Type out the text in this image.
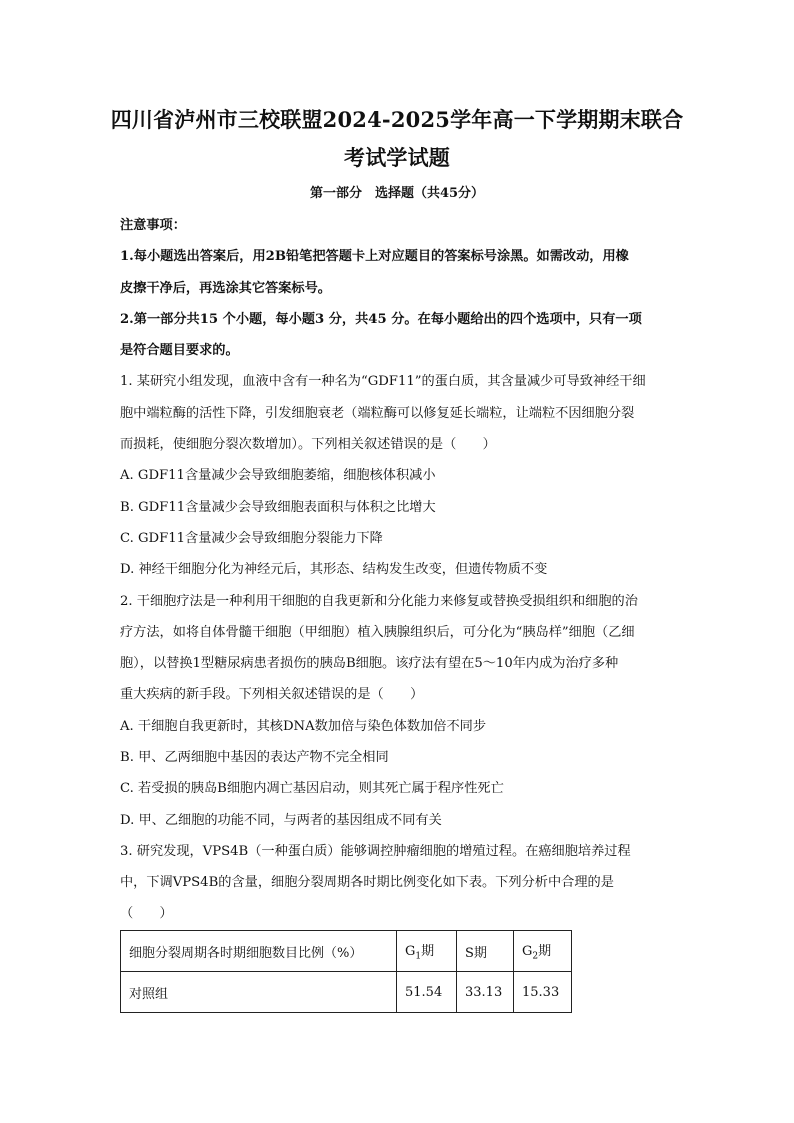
四川省泸州市三校联盟2024-2025学年高一下学期期末联合
考试学试题
第一部分　选择题（共45分）
注意事项：
1.每小题选出答案后，用2B铅笔把答题卡上对应题目的答案标号涂黑。如需改动，用橡
皮擦干净后，再选涂其它答案标号。
2.第一部分共15 个小题，每小题3 分，共45 分。在每小题给出的四个选项中，只有一项
是符合题目要求的。
1. 某研究小组发现，血液中含有一种名为“GDF11”的蛋白质，其含量减少可导致神经干细
胞中端粒酶的活性下降，引发细胞衰老（端粒酶可以修复延长端粒，让端粒不因细胞分裂
而损耗，使细胞分裂次数增加）。下列相关叙述错误的是（　　）
A. GDF11含量减少会导致细胞萎缩，细胞核体积减小
B. GDF11含量减少会导致细胞表面积与体积之比增大
C. GDF11含量减少会导致细胞分裂能力下降
D. 神经干细胞分化为神经元后，其形态、结构发生改变，但遗传物质不变
2. 干细胞疗法是一种利用干细胞的自我更新和分化能力来修复或替换受损组织和细胞的治
疗方法，如将自体骨髓干细胞（甲细胞）植入胰腺组织后，可分化为“胰岛样”细胞（乙细
胞），以替换1型糖尿病患者损伤的胰岛B细胞。该疗法有望在5～10年内成为治疗多种
重大疾病的新手段。下列相关叙述错误的是（　　）
A. 干细胞自我更新时，其核DNA数加倍与染色体数加倍不同步
B. 甲、乙两细胞中基因的表达产物不完全相同
C. 若受损的胰岛B细胞内凋亡基因启动，则其死亡属于程序性死亡
D. 甲、乙细胞的功能不同，与两者的基因组成不同有关
3. 研究发现，VPS4B（一种蛋白质）能够调控肿瘤细胞的增殖过程。在癌细胞培养过程
中，下调VPS4B的含量，细胞分裂周期各时期比例变化如下表。下列分析中合理的是
（　　）
细胞分裂周期各时期细胞数目比例（%）	$G_1$期	S期	$G_2$期
对照组	51.54	33.13	15.33
